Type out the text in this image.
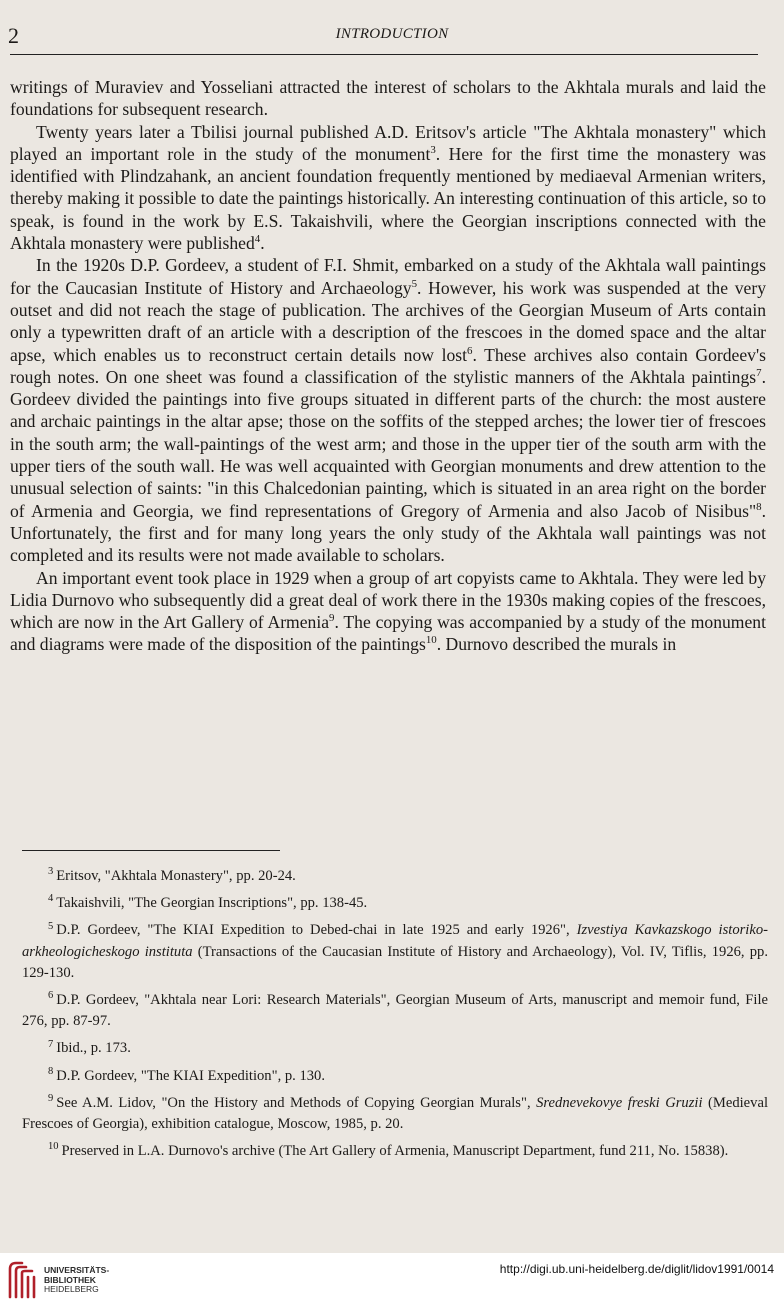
2	INTRODUCTION

writings of Muraviev and Yosseliani attracted the interest of scholars to the Akhtala murals and laid the foundations for subsequent research.

Twenty years later a Tbilisi journal published A.D. Eritsov's article "The Akhtala monastery" which played an important role in the study of the monument$^3$. Here for the first time the monastery was identified with Plindzahank, an ancient foundation frequently mentioned by mediaeval Armenian writers, thereby making it possible to date the paintings historically. An interesting continuation of this article, so to speak, is found in the work by E.S. Takaishvili, where the Georgian inscriptions connected with the Akhtala monastery were published$^4$.

In the 1920s D.P. Gordeev, a student of F.I. Shmit, embarked on a study of the Akhtala wall paintings for the Caucasian Institute of History and Archaeology$^5$. However, his work was suspended at the very outset and did not reach the stage of publication. The archives of the Georgian Museum of Arts contain only a typewritten draft of an article with a description of the frescoes in the domed space and the altar apse, which enables us to reconstruct certain details now lost$^6$. These archives also contain Gordeev's rough notes. On one sheet was found a classification of the stylistic manners of the Akhtala paintings$^7$. Gordeev divided the paintings into five groups situated in different parts of the church: the most austere and archaic paintings in the altar apse; those on the soffits of the stepped arches; the lower tier of frescoes in the south arm; the wall-paintings of the west arm; and those in the upper tier of the south arm with the upper tiers of the south wall. He was well acquainted with Georgian monuments and drew attention to the unusual selection of saints: "in this Chalcedonian painting, which is situated in an area right on the border of Armenia and Georgia, we find representations of Gregory of Armenia and also Jacob of Nisibus"$^8$. Unfortunately, the first and for many long years the only study of the Akhtala wall paintings was not completed and its results were not made available to scholars.

An important event took place in 1929 when a group of art copyists came to Akhtala. They were led by Lidia Durnovo who subsequently did a great deal of work there in the 1930s making copies of the frescoes, which are now in the Art Gallery of Armenia$^9$. The copying was accompanied by a study of the monument and diagrams were made of the disposition of the paintings$^{10}$. Durnovo described the murals in

$^3$ Eritsov, "Akhtala Monastery", pp. 20-24.

$^4$ Takaishvili, "The Georgian Inscriptions", pp. 138-45.

$^5$ D.P. Gordeev, "The KIAI Expedition to Debed-chai in late 1925 and early 1926", Izvestiya Kavkazskogo istoriko-arkheologicheskogo instituta (Transactions of the Caucasian Institute of History and Archaeology), Vol. IV, Tiflis, 1926, pp. 129-130.

$^6$ D.P. Gordeev, "Akhtala near Lori: Research Materials", Georgian Museum of Arts, manuscript and memoir fund, File 276, pp. 87-97.

$^7$ Ibid., p. 173.

$^8$ D.P. Gordeev, "The KIAI Expedition", p. 130.

$^9$ See A.M. Lidov, "On the History and Methods of Copying Georgian Murals", Srednevekovye freski Gruzii (Medieval Frescoes of Georgia), exhibition catalogue, Moscow, 1985, p. 20.

$^{10}$ Preserved in L.A. Durnovo's archive (The Art Gallery of Armenia, Manuscript Department, fund 211, No. 15838).

UNIVERSITÄTS-
BIBLIOTHEK
HEIDELBERG
http://digi.ub.uni-heidelberg.de/diglit/lidov1991/0014
